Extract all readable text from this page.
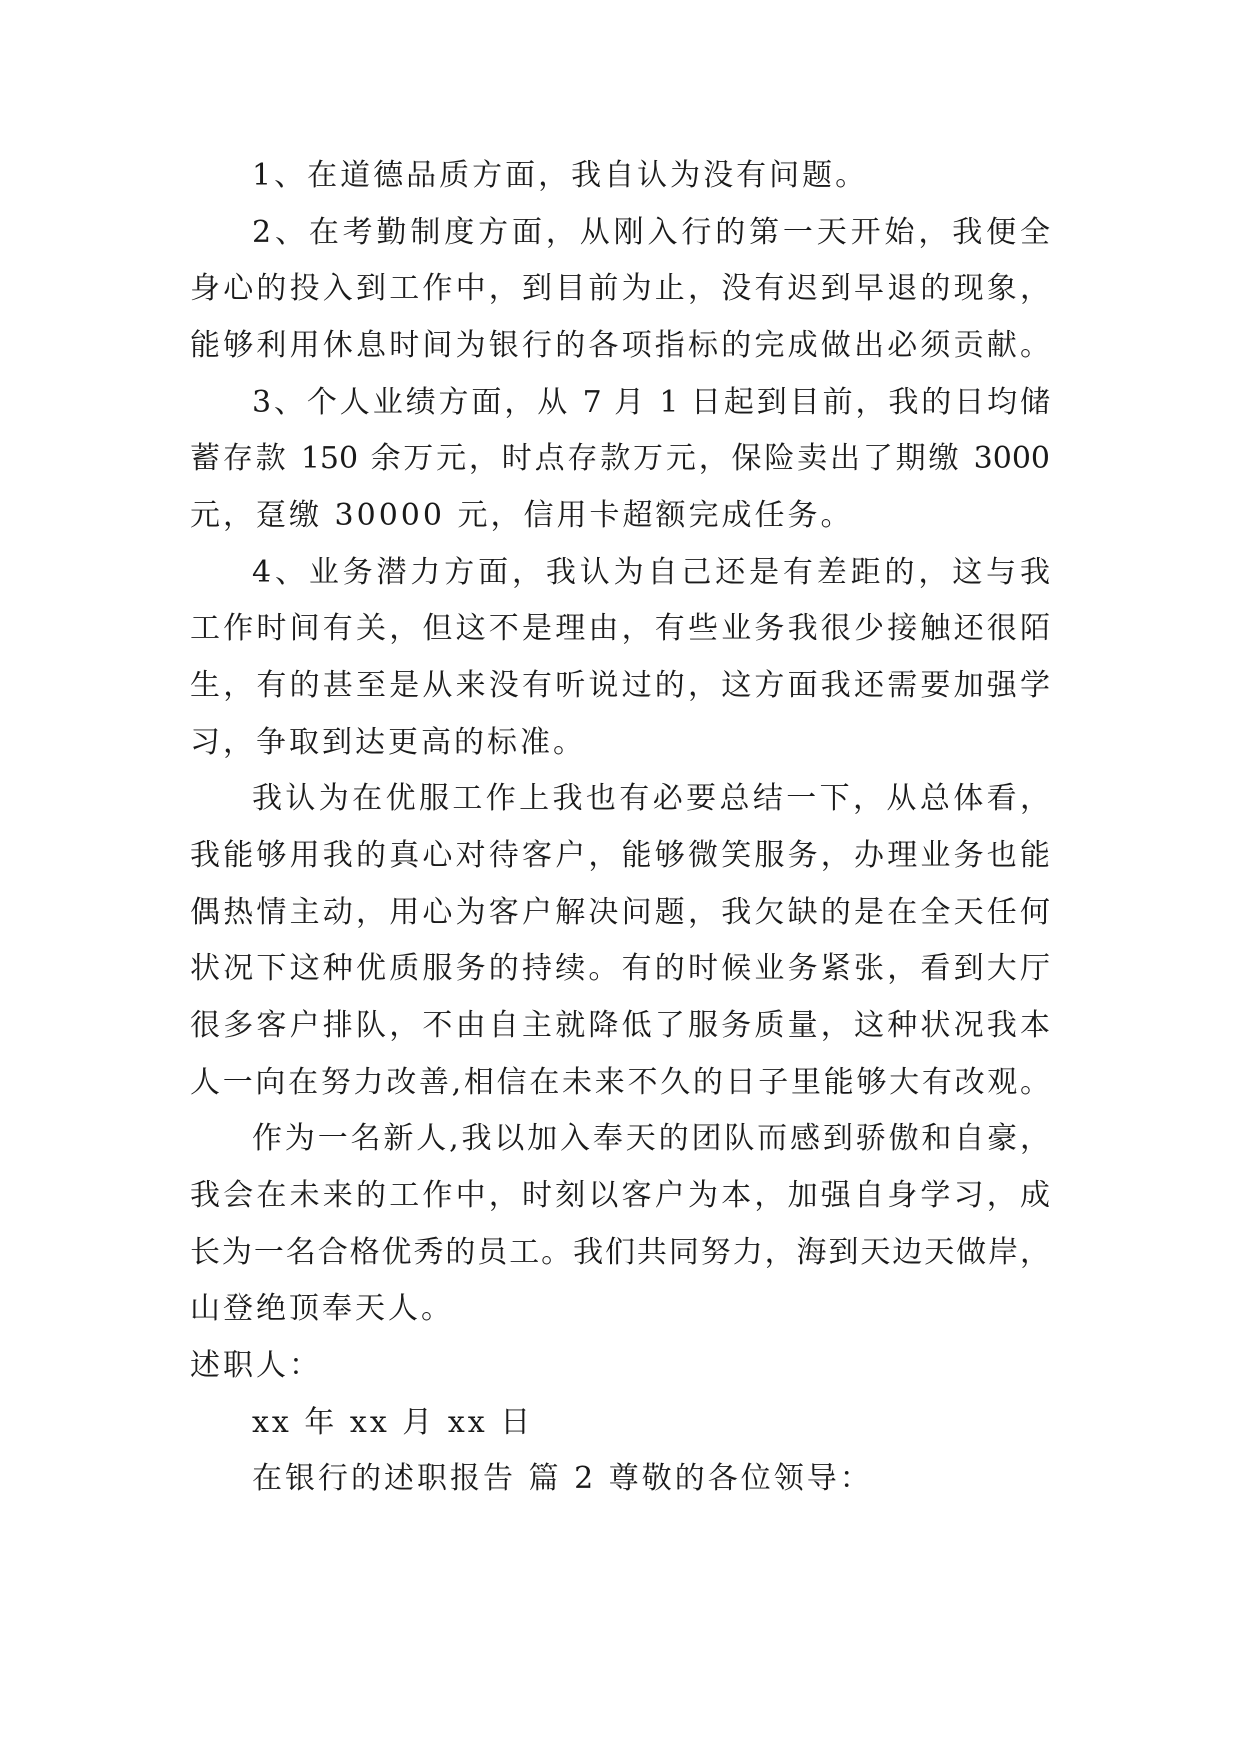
1、在道德品质方面，我自认为没有问题。
2、在考勤制度方面，从刚入行的第一天开始，我便全
身心的投入到工作中，到目前为止，没有迟到早退的现象，
能够利用休息时间为银行的各项指标的完成做出必须贡献。
3、个人业绩方面，从 7 月 1 日起到目前，我的日均储
蓄存款 150 余万元，时点存款万元，保险卖出了期缴 3000
元，趸缴 30000 元，信用卡超额完成任务。
4、业务潜力方面，我认为自己还是有差距的，这与我
工作时间有关，但这不是理由，有些业务我很少接触还很陌
生，有的甚至是从来没有听说过的，这方面我还需要加强学
习，争取到达更高的标准。
我认为在优服工作上我也有必要总结一下，从总体看，
我能够用我的真心对待客户，能够微笑服务，办理业务也能
偶热情主动，用心为客户解决问题，我欠缺的是在全天任何
状况下这种优质服务的持续。有的时候业务紧张，看到大厅
很多客户排队，不由自主就降低了服务质量，这种状况我本
人一向在努力改善,相信在未来不久的日子里能够大有改观。
作为一名新人,我以加入奉天的团队而感到骄傲和自豪，
我会在未来的工作中，时刻以客户为本，加强自身学习，成
长为一名合格优秀的员工。我们共同努力，海到天边天做岸，
山登绝顶奉天人。
述职人：
xx 年 xx 月 xx 日
在银行的述职报告 篇 2 尊敬的各位领导：
